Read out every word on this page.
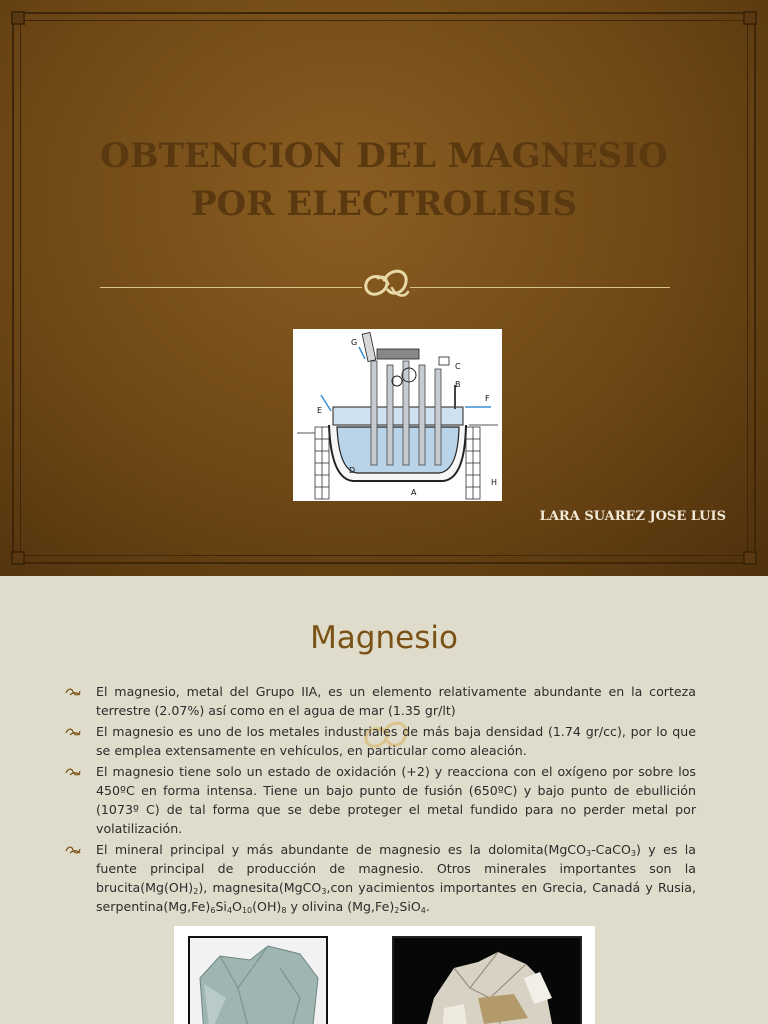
OBTENCION DEL MAGNESIO
POR ELECTROLISIS
G
C
B
E
F
D
H
A
LARA SUAREZ JOSE LUIS
Magnesio
El magnesio, metal del Grupo IIA, es un elemento relativamente abundante en la corteza terrestre (2.07%) así como en el agua de mar (1.35 gr/lt)
El magnesio es uno de los metales industriales de más baja densidad (1.74 gr/cc), por lo que se emplea extensamente en vehículos, en particular como aleación.
El magnesio tiene solo un estado de oxidación (+2) y reacciona con el oxígeno por sobre los 450ºC en forma intensa. Tiene un bajo punto de fusión (650ºC) y bajo punto de ebullición (1073º C) de tal forma que se debe proteger el metal fundido para no perder metal por volatilización.
El mineral principal y más abundante de magnesio es la dolomita(MgCO$_3$-CaCO$_3$) y es la fuente principal de producción de magnesio. Otros minerales importantes son la $brucita(Mg(OH)_2)$, magnesita(MgCO$_3$,con yacimientos importantes en Grecia, Canadá y Rusia, $serpentina(Mg,Fe)_6Si_4O_{10}(OH)_8$ y olivina $(Mg,Fe)_2SiO_4$.
